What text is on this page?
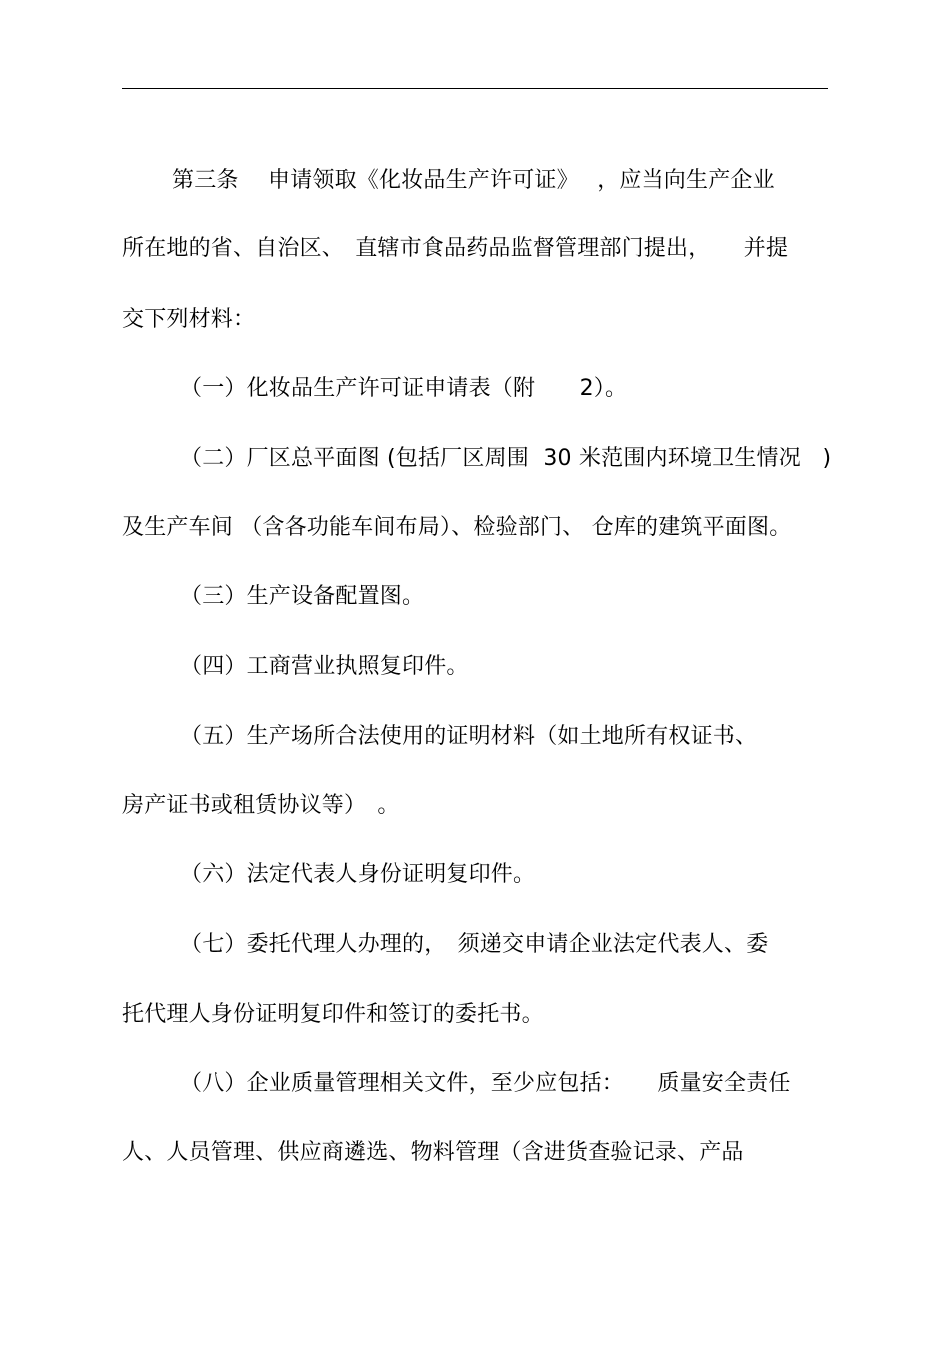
第三条　 申请领取《化妆品生产许可证》　 ，应当向生产企业
所在地的省、自治区、　直辖市食品药品监督管理部门提出，　　并提
交下列材料：
（一）化妆品生产许可证申请表（附　　2）。
（二）厂区总平面图 (包括厂区周围  30 米范围内环境卫生情况   )
及生产车间 （含各功能车间布局）、检验部门、 仓库的建筑平面图。
（三）生产设备配置图。
（四）工商营业执照复印件。
（五）生产场所合法使用的证明材料（如土地所有权证书、
房产证书或租赁协议等）　。
（六）法定代表人身份证明复印件。
（七）委托代理人办理的，　须递交申请企业法定代表人、委
托代理人身份证明复印件和签订的委托书。
（八）企业质量管理相关文件，至少应包括：　　质量安全责任
人、人员管理、供应商遴选、物料管理（含进货查验记录、产品
